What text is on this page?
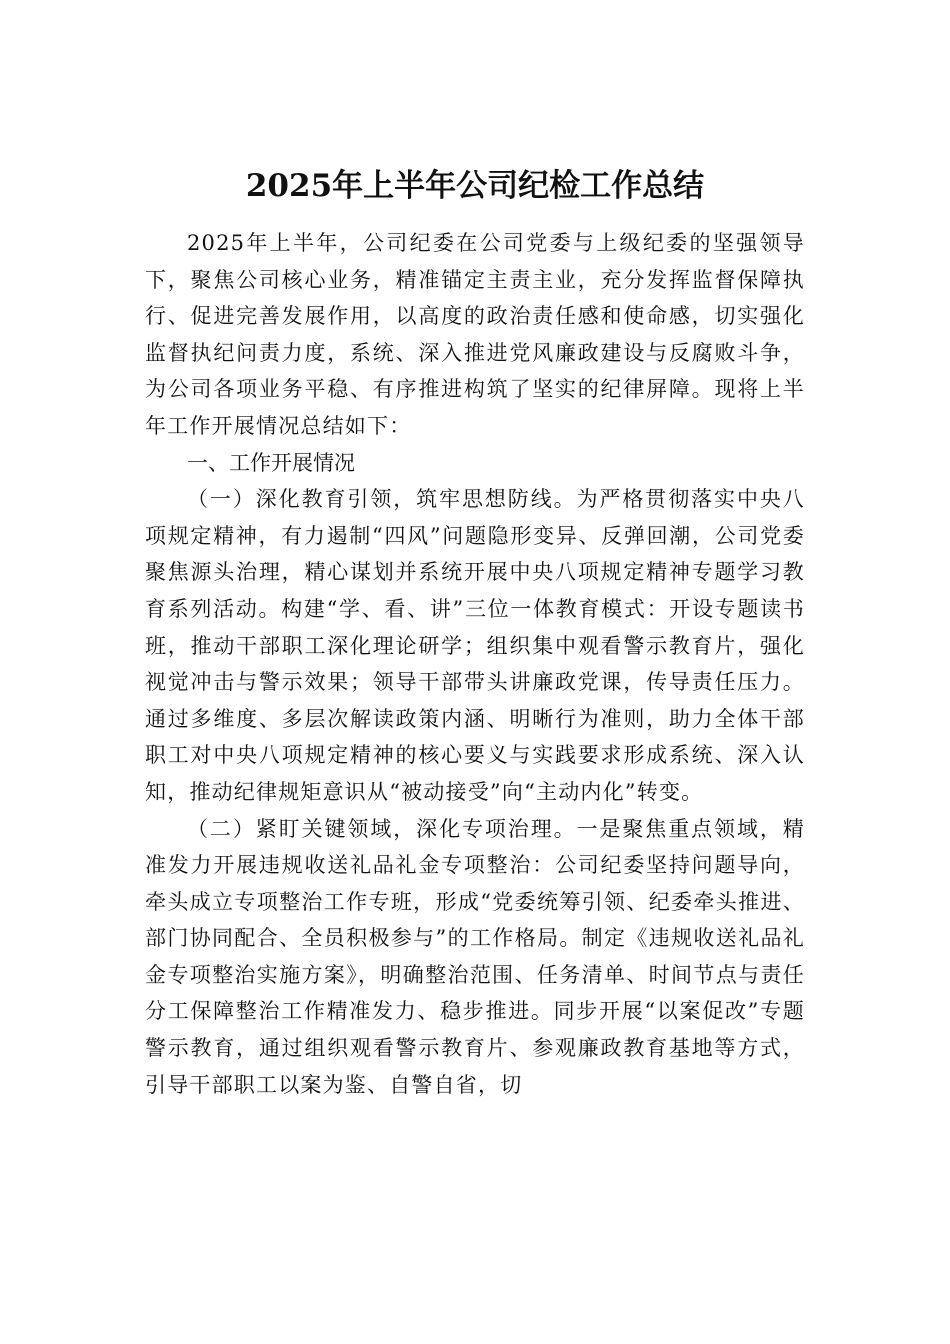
2025年上半年公司纪检工作总结

2025年上半年，公司纪委在公司党委与上级纪委的坚强领导下，聚焦公司核心业务，精准锚定主责主业，充分发挥监督保障执行、促进完善发展作用，以高度的政治责任感和使命感，切实强化监督执纪问责力度，系统、深入推进党风廉政建设与反腐败斗争，为公司各项业务平稳、有序推进构筑了坚实的纪律屏障。现将上半年工作开展情况总结如下：

一、工作开展情况

（一）深化教育引领，筑牢思想防线。为严格贯彻落实中央八项规定精神，有力遏制“四风”问题隐形变异、反弹回潮，公司党委聚焦源头治理，精心谋划并系统开展中央八项规定精神专题学习教育系列活动。构建“学、看、讲”三位一体教育模式：开设专题读书班，推动干部职工深化理论研学；组织集中观看警示教育片，强化视觉冲击与警示效果；领导干部带头讲廉政党课，传导责任压力。通过多维度、多层次解读政策内涵、明晰行为准则，助力全体干部职工对中央八项规定精神的核心要义与实践要求形成系统、深入认知，推动纪律规矩意识从“被动接受”向“主动内化”转变。

（二）紧盯关键领域，深化专项治理。一是聚焦重点领域，精准发力开展违规收送礼品礼金专项整治：公司纪委坚持问题导向，牵头成立专项整治工作专班，形成“党委统筹引领、纪委牵头推进、部门协同配合、全员积极参与”的工作格局。制定《违规收送礼品礼金专项整治实施方案》，明确整治范围、任务清单、时间节点与责任分工保障整治工作精准发力、稳步推进。同步开展“以案促改”专题警示教育，通过组织观看警示教育片、参观廉政教育基地等方式，引导干部职工以案为鉴、自警自省，切
